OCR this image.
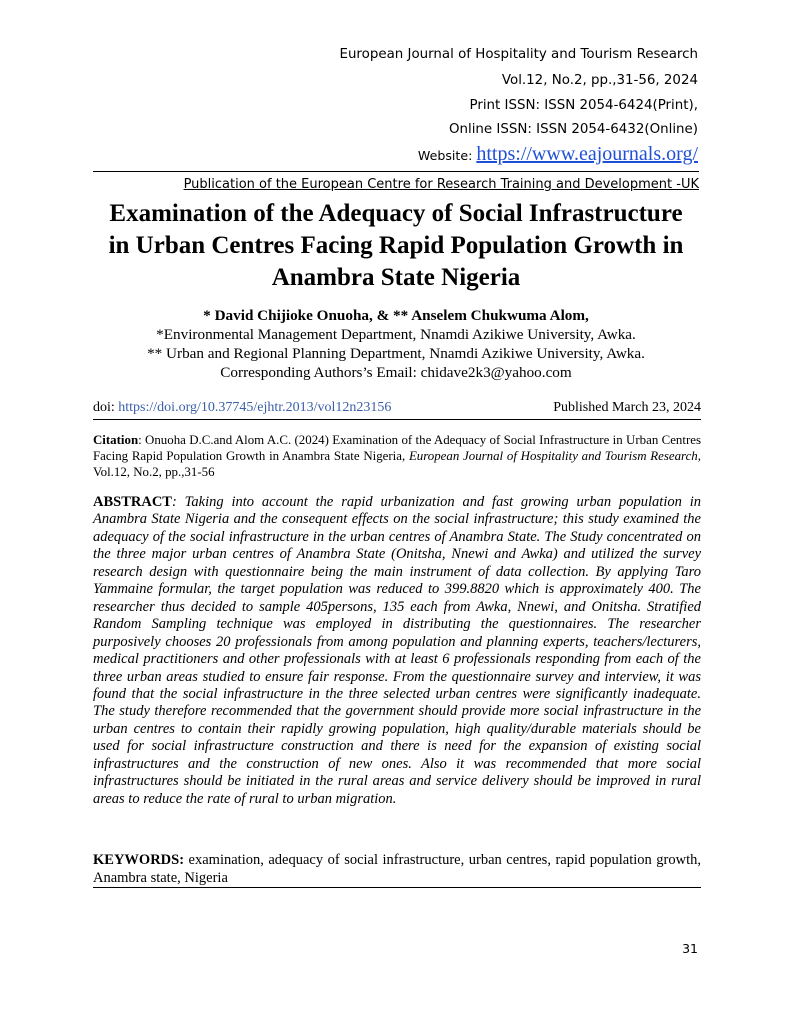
European Journal of Hospitality and Tourism Research
Vol.12, No.2, pp.,31-56, 2024
Print ISSN: ISSN 2054-6424(Print),
Online ISSN: ISSN 2054-6432(Online)
Website: https://www.eajournals.org/
Publication of the European Centre for Research Training and Development -UK
Examination of the Adequacy of Social Infrastructure
in Urban Centres Facing Rapid Population Growth in
Anambra State Nigeria
* David Chijioke Onuoha, & ** Anselem Chukwuma Alom,
*Environmental Management Department, Nnamdi Azikiwe University, Awka.
** Urban and Regional Planning Department, Nnamdi Azikiwe University, Awka.
Corresponding Authors’s Email: chidave2k3@yahoo.com
doi: https://doi.org/10.37745/ejhtr.2013/vol12n23156	Published March 23, 2024
Citation: Onuoha D.C.and Alom A.C. (2024) Examination of the Adequacy of Social Infrastructure in Urban Centres Facing Rapid Population Growth in Anambra State Nigeria, European Journal of Hospitality and Tourism Research, Vol.12, No.2, pp.,31-56

ABSTRACT: Taking into account the rapid urbanization and fast growing urban population in Anambra State Nigeria and the consequent effects on the social infrastructure; this study examined the adequacy of the social infrastructure in the urban centres of Anambra State. The Study concentrated on the three major urban centres of Anambra State (Onitsha, Nnewi and Awka) and utilized the survey research design with questionnaire being the main instrument of data collection. By applying Taro Yammaine formular, the target population was reduced to 399.8820 which is approximately 400. The researcher thus decided to sample 405persons, 135 each from Awka, Nnewi, and Onitsha. Stratified Random Sampling technique was employed in distributing the questionnaires. The researcher purposively chooses 20 professionals from among population and planning experts, teachers/lecturers, medical practitioners and other professionals with at least 6 professionals responding from each of the three urban areas studied to ensure fair response. From the questionnaire survey and interview, it was found that the social infrastructure in the three selected urban centres were significantly inadequate. The study therefore recommended that the government should provide more social infrastructure in the urban centres to contain their rapidly growing population, high quality/durable materials should be used for social infrastructure construction and there is need for the expansion of existing social infrastructures and the construction of new ones. Also it was recommended that more social infrastructures should be initiated in the rural areas and service delivery should be improved in rural areas to reduce the rate of rural to urban migration.

KEYWORDS: examination, adequacy of social infrastructure, urban centres, rapid population growth, Anambra state, Nigeria
31
